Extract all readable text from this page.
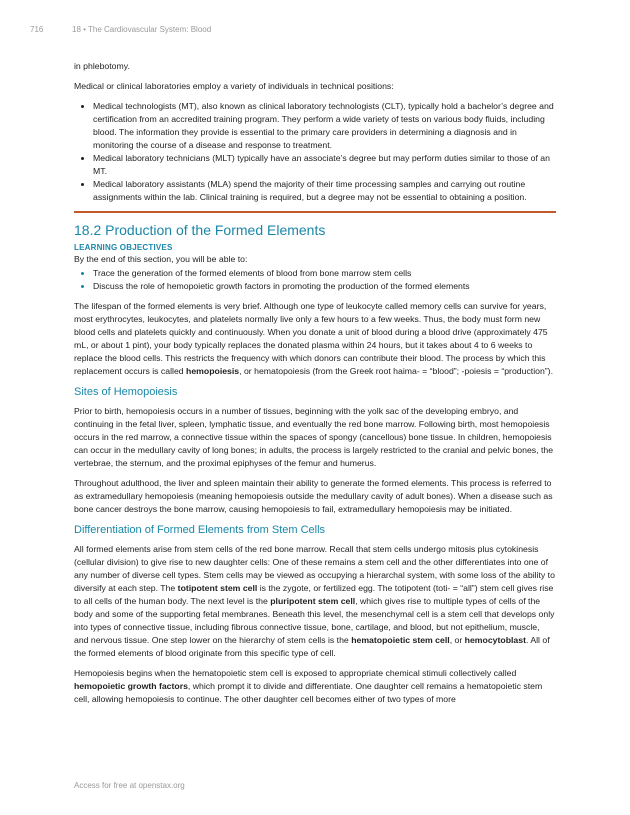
716	18 • The Cardiovascular System: Blood

in phlebotomy.

Medical or clinical laboratories employ a variety of individuals in technical positions:

• Medical technologists (MT), also known as clinical laboratory technologists (CLT), typically hold a bachelor’s degree and certification from an accredited training program. They perform a wide variety of tests on various body fluids, including blood. The information they provide is essential to the primary care providers in determining a diagnosis and in monitoring the course of a disease and response to treatment.
• Medical laboratory technicians (MLT) typically have an associate’s degree but may perform duties similar to those of an MT.
• Medical laboratory assistants (MLA) spend the majority of their time processing samples and carrying out routine assignments within the lab. Clinical training is required, but a degree may not be essential to obtaining a position.
18.2 Production of the Formed Elements
LEARNING OBJECTIVES

By the end of this section, you will be able to:

• Trace the generation of the formed elements of blood from bone marrow stem cells
• Discuss the role of hemopoietic growth factors in promoting the production of the formed elements

The lifespan of the formed elements is very brief. Although one type of leukocyte called memory cells can survive for years, most erythrocytes, leukocytes, and platelets normally live only a few hours to a few weeks. Thus, the body must form new blood cells and platelets quickly and continuously. When you donate a unit of blood during a blood drive (approximately 475 mL, or about 1 pint), your body typically replaces the donated plasma within 24 hours, but it takes about 4 to 6 weeks to replace the blood cells. This restricts the frequency with which donors can contribute their blood. The process by which this replacement occurs is called hemopoiesis, or hematopoiesis (from the Greek root haima- = “blood”; -poiesis = “production”).

Sites of Hemopoiesis

Prior to birth, hemopoiesis occurs in a number of tissues, beginning with the yolk sac of the developing embryo, and continuing in the fetal liver, spleen, lymphatic tissue, and eventually the red bone marrow. Following birth, most hemopoiesis occurs in the red marrow, a connective tissue within the spaces of spongy (cancellous) bone tissue. In children, hemopoiesis can occur in the medullary cavity of long bones; in adults, the process is largely restricted to the cranial and pelvic bones, the vertebrae, the sternum, and the proximal epiphyses of the femur and humerus.

Throughout adulthood, the liver and spleen maintain their ability to generate the formed elements. This process is referred to as extramedullary hemopoiesis (meaning hemopoiesis outside the medullary cavity of adult bones). When a disease such as bone cancer destroys the bone marrow, causing hemopoiesis to fail, extramedullary hemopoiesis may be initiated.

Differentiation of Formed Elements from Stem Cells

All formed elements arise from stem cells of the red bone marrow. Recall that stem cells undergo mitosis plus cytokinesis (cellular division) to give rise to new daughter cells: One of these remains a stem cell and the other differentiates into one of any number of diverse cell types. Stem cells may be viewed as occupying a hierarchal system, with some loss of the ability to diversify at each step. The totipotent stem cell is the zygote, or fertilized egg. The totipotent (toti- = “all”) stem cell gives rise to all cells of the human body. The next level is the pluripotent stem cell, which gives rise to multiple types of cells of the body and some of the supporting fetal membranes. Beneath this level, the mesenchymal cell is a stem cell that develops only into types of connective tissue, including fibrous connective tissue, bone, cartilage, and blood, but not epithelium, muscle, and nervous tissue. One step lower on the hierarchy of stem cells is the hematopoietic stem cell, or hemocytoblast. All of the formed elements of blood originate from this specific type of cell.

Hemopoiesis begins when the hematopoietic stem cell is exposed to appropriate chemical stimuli collectively called hemopoietic growth factors, which prompt it to divide and differentiate. One daughter cell remains a hematopoietic stem cell, allowing hemopoiesis to continue. The other daughter cell becomes either of two types of more

Access for free at openstax.org
